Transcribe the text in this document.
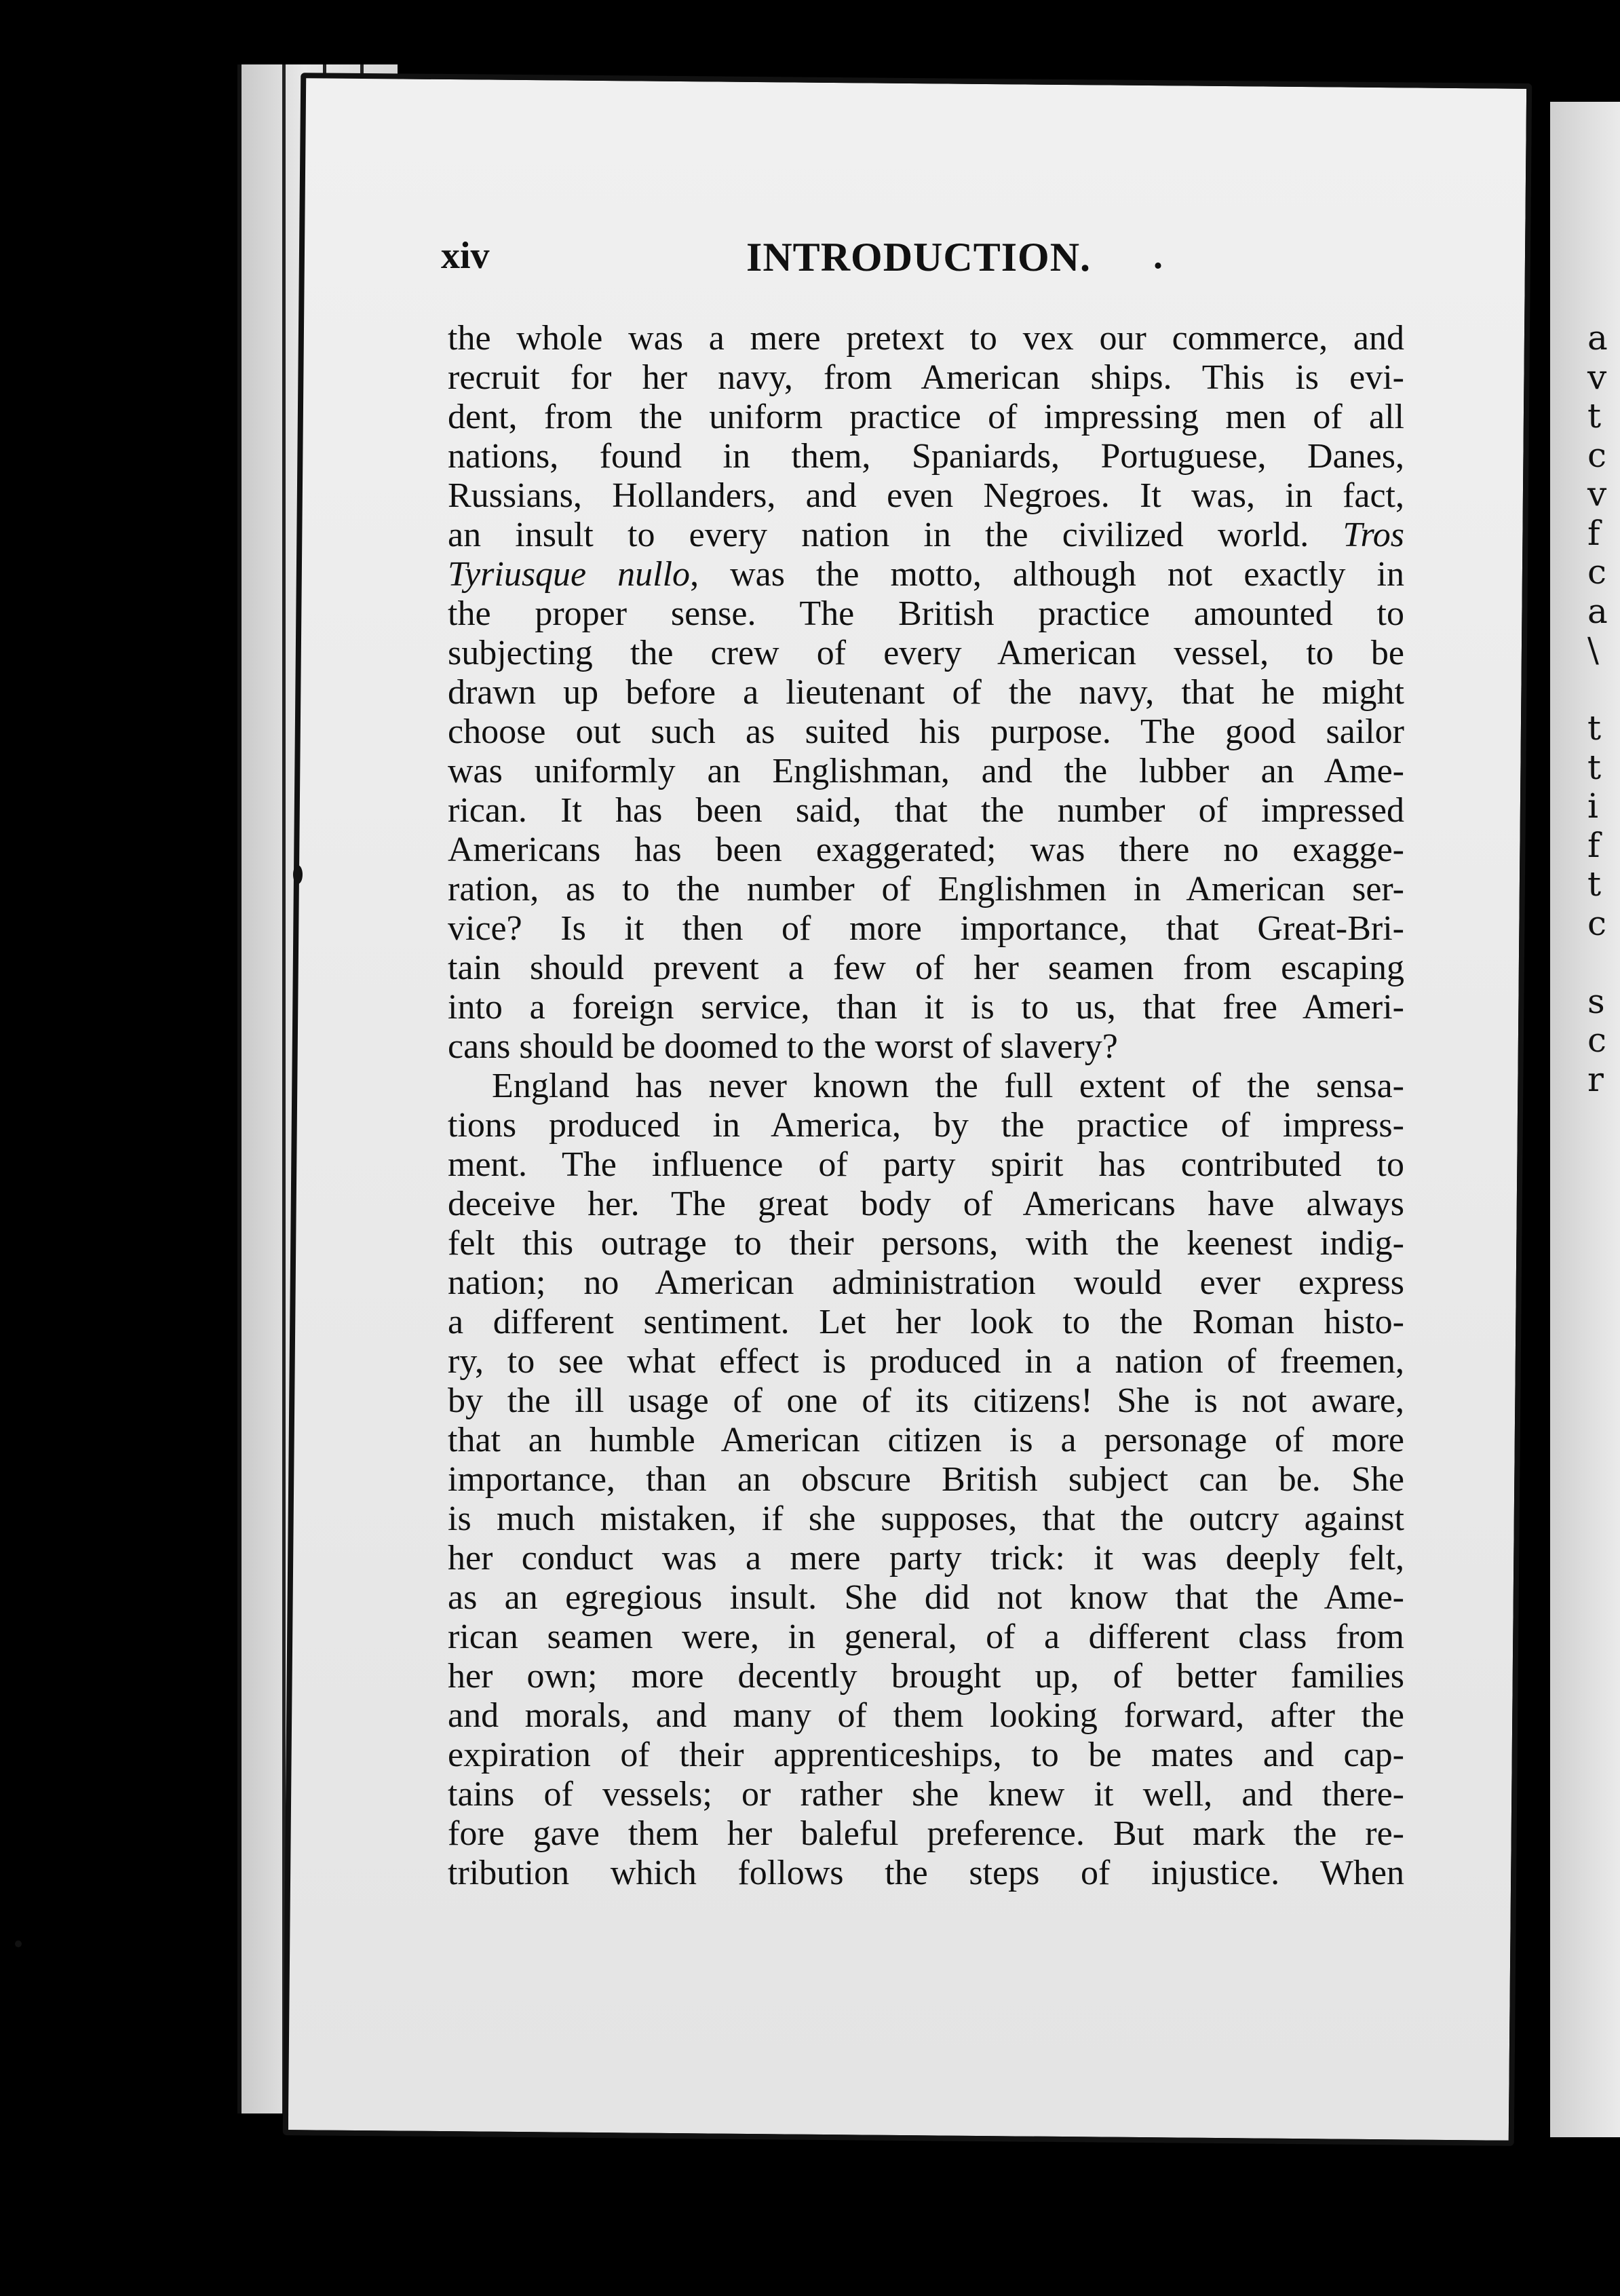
a
v
t
c
v
f
c
a
\

t
t
i
f
t
c

s
c
r
xiv	INTRODUCTION. .
the whole was a mere pretext to vex our commerce, and
recruit for her navy, from American ships. This is evi-
dent, from the uniform practice of impressing men of all
nations, found in them, Spaniards, Portuguese, Danes,
Russians, Hollanders, and even Negroes. It was, in fact,
an insult to every nation in the civilized world. Tros
Tyriusque nullo, was the motto, although not exactly in
the proper sense. The British practice amounted to
subjecting the crew of every American vessel, to be
drawn up before a lieutenant of the navy, that he might
choose out such as suited his purpose. The good sailor
was uniformly an Englishman, and the lubber an Ame-
rican. It has been said, that the number of impressed
Americans has been exaggerated; was there no exagge-
ration, as to the number of Englishmen in American ser-
vice? Is it then of more importance, that Great-Bri-
tain should prevent a few of her seamen from escaping
into a foreign service, than it is to us, that free Ameri-
cans should be doomed to the worst of slavery?
England has never known the full extent of the sensa-
tions produced in America, by the practice of impress-
ment. The influence of party spirit has contributed to
deceive her. The great body of Americans have always
felt this outrage to their persons, with the keenest indig-
nation; no American administration would ever express
a different sentiment. Let her look to the Roman histo-
ry, to see what effect is produced in a nation of freemen,
by the ill usage of one of its citizens! She is not aware,
that an humble American citizen is a personage of more
importance, than an obscure British subject can be. She
is much mistaken, if she supposes, that the outcry against
her conduct was a mere party trick: it was deeply felt,
as an egregious insult. She did not know that the Ame-
rican seamen were, in general, of a different class from
her own; more decently brought up, of better families
and morals, and many of them looking forward, after the
expiration of their apprenticeships, to be mates and cap-
tains of vessels; or rather she knew it well, and there-
fore gave them her baleful preference. But mark the re-
tribution which follows the steps of injustice. When
